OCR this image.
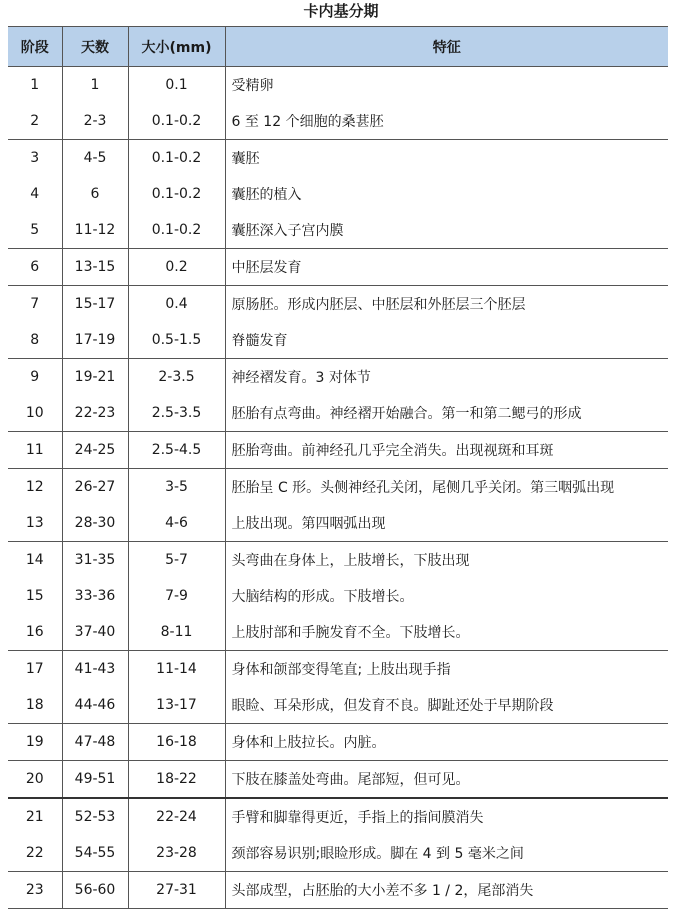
卡内基分期
阶段	天数	大小(mm)	特征
1	1	0.1	受精卵
2	2-3	0.1-0.2	6 至 12 个细胞的桑葚胚
3	4-5	0.1-0.2	囊胚
4	6	0.1-0.2	囊胚的植入
5	11-12	0.1-0.2	囊胚深入子宫内膜
6	13-15	0.2	中胚层发育
7	15-17	0.4	原肠胚。形成内胚层、中胚层和外胚层三个胚层
8	17-19	0.5-1.5	脊髓发育
9	19-21	2-3.5	神经褶发育。3 对体节
10	22-23	2.5-3.5	胚胎有点弯曲。神经褶开始融合。第一和第二鳃弓的形成
11	24-25	2.5-4.5	胚胎弯曲。前神经孔几乎完全消失。出现视斑和耳斑
12	26-27	3-5	胚胎呈 C 形。头侧神经孔关闭，尾侧几乎关闭。第三咽弧出现
13	28-30	4-6	上肢出现。第四咽弧出现
14	31-35	5-7	头弯曲在身体上，上肢增长，下肢出现
15	33-36	7-9	大脑结构的形成。下肢增长。
16	37-40	8-11	上肢肘部和手腕发育不全。下肢增长。
17	41-43	11-14	身体和颌部变得笔直; 上肢出现手指
18	44-46	13-17	眼睑、耳朵形成，但发育不良。脚趾还处于早期阶段
19	47-48	16-18	身体和上肢拉长。内脏。
20	49-51	18-22	下肢在膝盖处弯曲。尾部短，但可见。
21	52-53	22-24	手臂和脚靠得更近，手指上的指间膜消失
22	54-55	23-28	颈部容易识别;眼睑形成。脚在 4 到 5 毫米之间
23	56-60	27-31	头部成型，占胚胎的大小差不多 1 / 2，尾部消失
